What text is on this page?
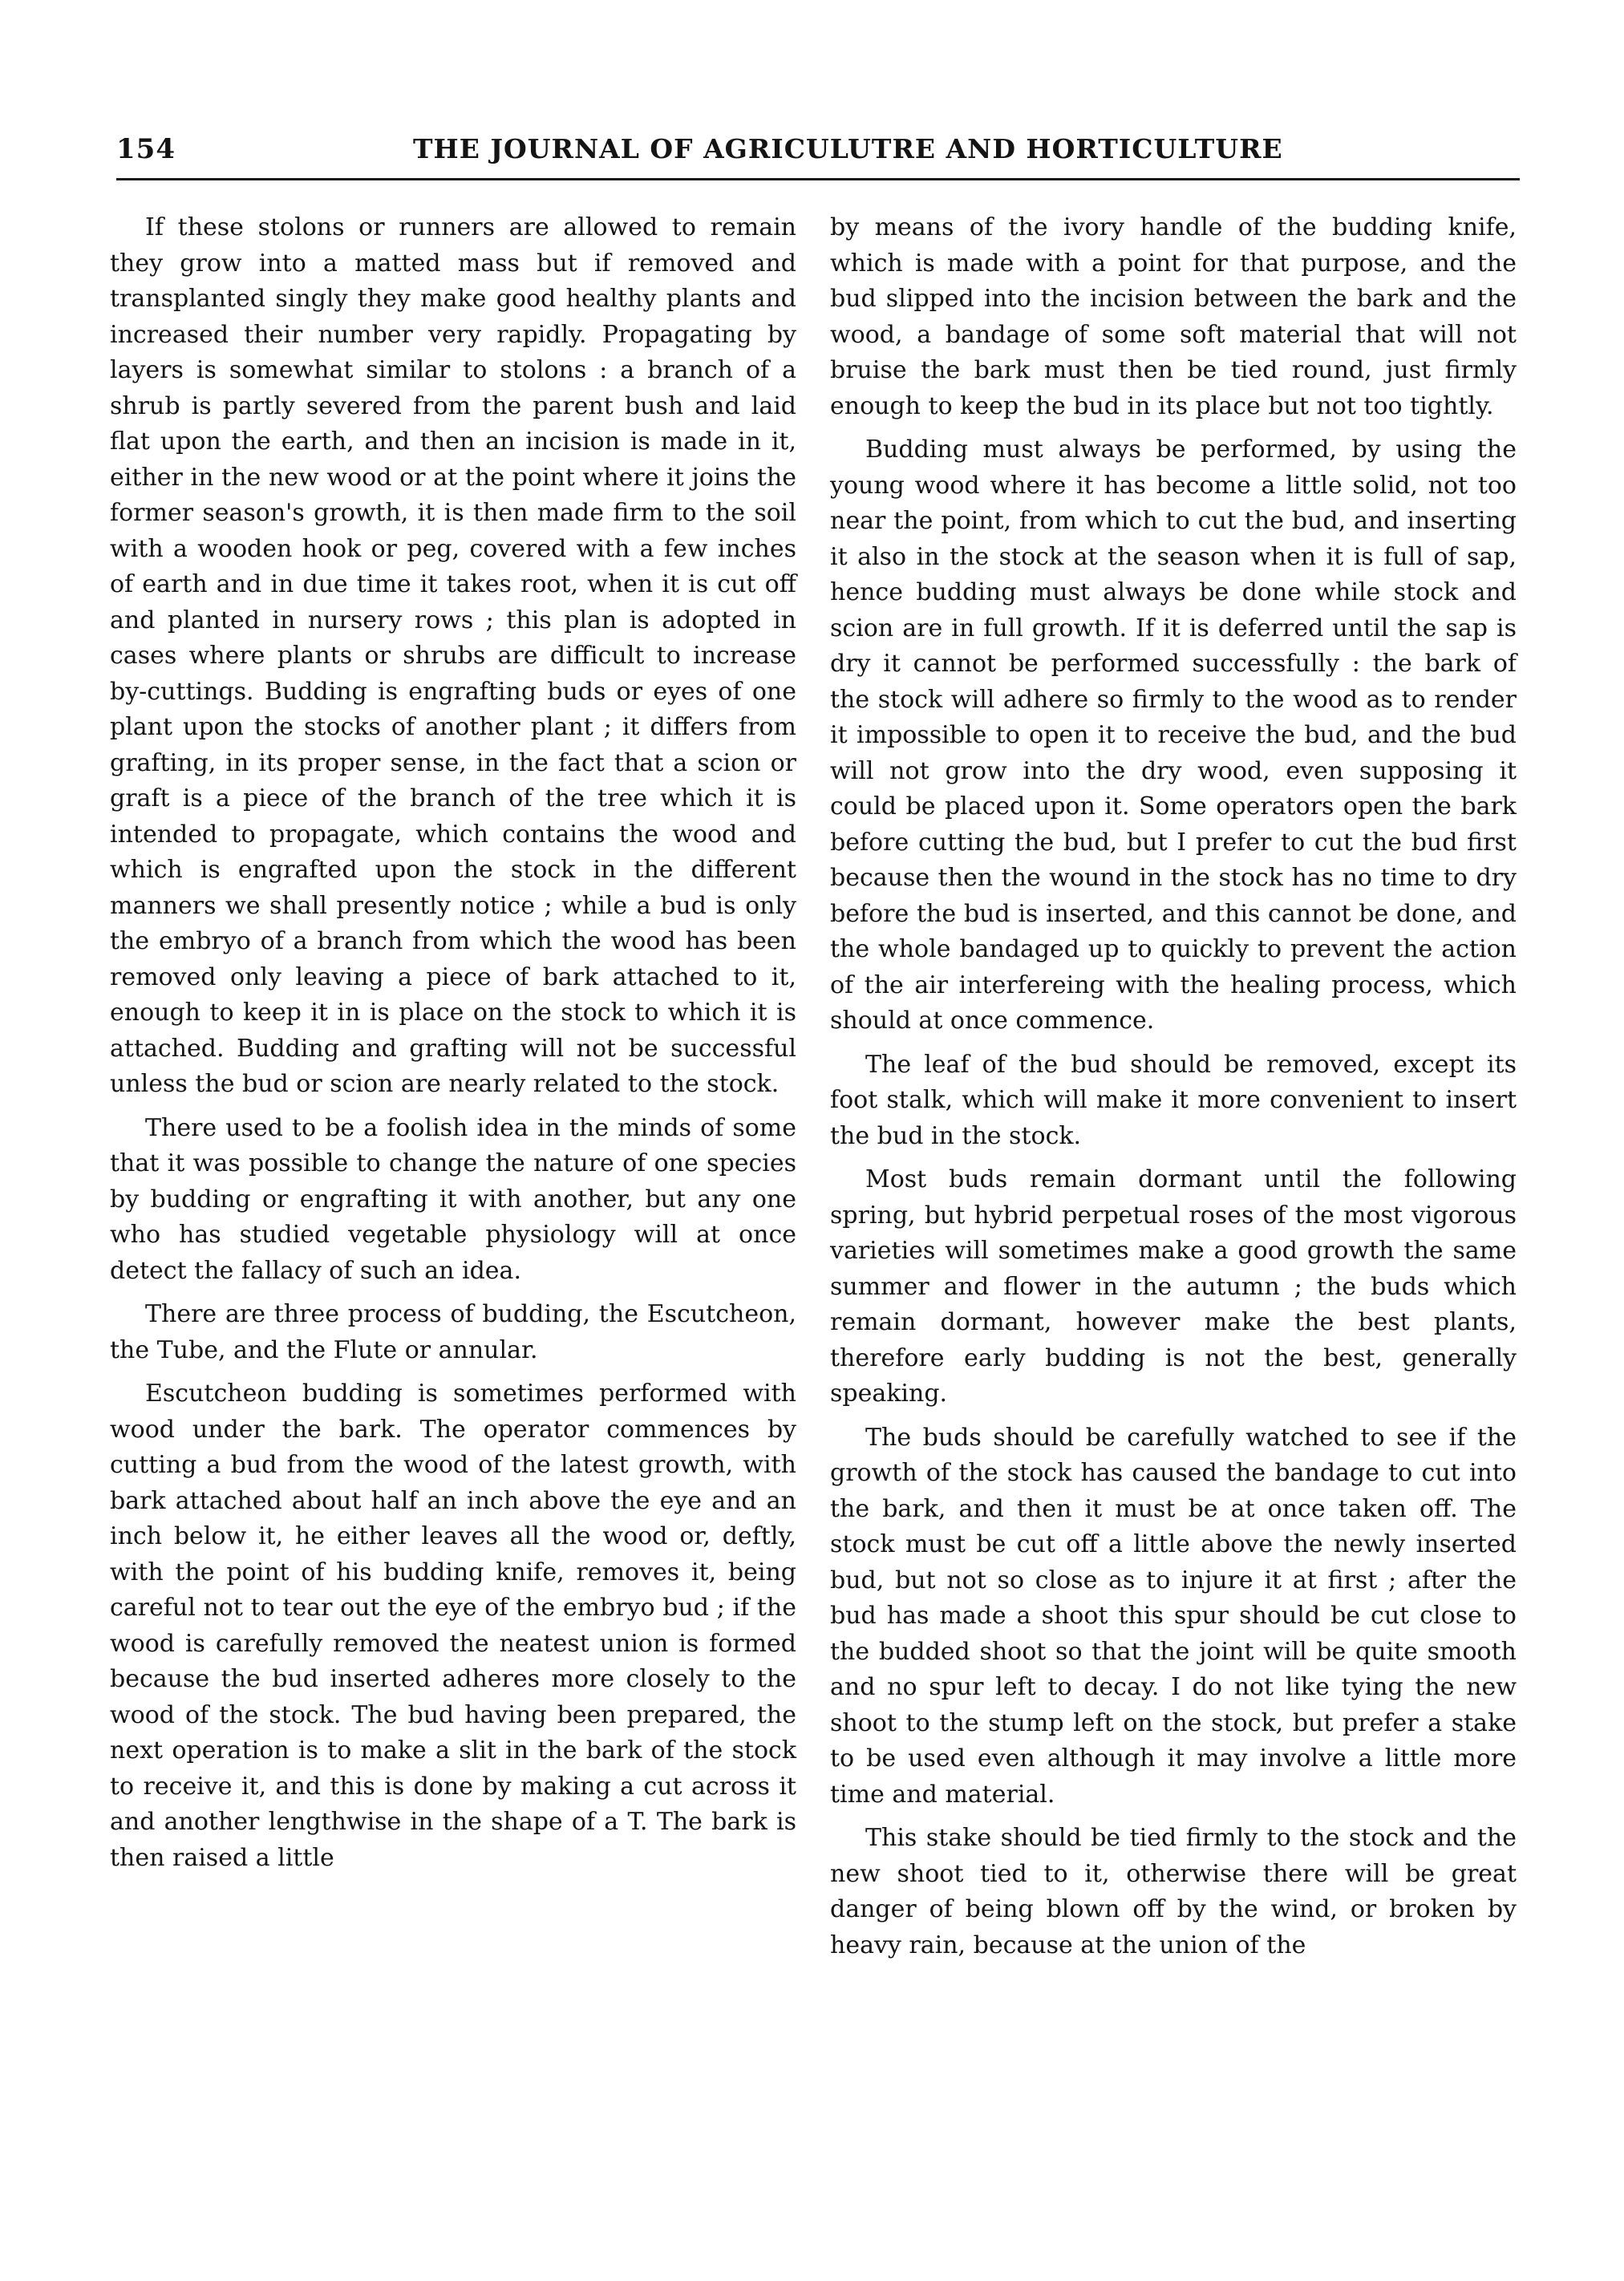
154	THE JOURNAL OF AGRICULUTRE AND HORTICULTURE

If these stolons or runners are allowed to remain they grow into a matted mass but if removed and transplanted singly they make good healthy plants and increased their number very rapidly. Propagating by layers is somewhat similar to stolons : a branch of a shrub is partly severed from the parent bush and laid flat upon the earth, and then an incision is made in it, either in the new wood or at the point where it joins the former season's growth, it is then made firm to the soil with a wooden hook or peg, covered with a few inches of earth and in due time it takes root, when it is cut off and planted in nursery rows ; this plan is adopted in cases where plants or shrubs are difficult to increase by-cuttings. Budding is engrafting buds or eyes of one plant upon the stocks of another plant ; it differs from grafting, in its proper sense, in the fact that a scion or graft is a piece of the branch of the tree which it is intended to propagate, which contains the wood and which is engrafted upon the stock in the different manners we shall presently notice ; while a bud is only the embryo of a branch from which the wood has been removed only leaving a piece of bark attached to it, enough to keep it in is place on the stock to which it is attached. Budding and grafting will not be successful unless the bud or scion are nearly related to the stock.

There used to be a foolish idea in the minds of some that it was possible to change the nature of one species by budding or engrafting it with another, but any one who has studied vegetable physiology will at once detect the fallacy of such an idea.

There are three process of budding, the Escutcheon, the Tube, and the Flute or annular.

Escutcheon budding is sometimes performed with wood under the bark. The operator commences by cutting a bud from the wood of the latest growth, with bark attached about half an inch above the eye and an inch below it, he either leaves all the wood or, deftly, with the point of his budding knife, removes it, being careful not to tear out the eye of the embryo bud ; if the wood is carefully removed the neatest union is formed because the bud inserted adheres more closely to the wood of the stock. The bud having been prepared, the next operation is to make a slit in the bark of the stock to receive it, and this is done by making a cut across it and another lengthwise in the shape of a T. The bark is then raised a little

by means of the ivory handle of the budding knife, which is made with a point for that purpose, and the bud slipped into the incision between the bark and the wood, a bandage of some soft material that will not bruise the bark must then be tied round, just firmly enough to keep the bud in its place but not too tightly.

Budding must always be performed, by using the young wood where it has become a little solid, not too near the point, from which to cut the bud, and inserting it also in the stock at the season when it is full of sap, hence budding must always be done while stock and scion are in full growth. If it is deferred until the sap is dry it cannot be performed successfully : the bark of the stock will adhere so firmly to the wood as to render it impossible to open it to receive the bud, and the bud will not grow into the dry wood, even supposing it could be placed upon it. Some operators open the bark before cutting the bud, but I prefer to cut the bud first because then the wound in the stock has no time to dry before the bud is inserted, and this cannot be done, and the whole bandaged up to quickly to prevent the action of the air interfereing with the healing process, which should at once commence.

The leaf of the bud should be removed, except its foot stalk, which will make it more convenient to insert the bud in the stock.

Most buds remain dormant until the following spring, but hybrid perpetual roses of the most vigorous varieties will sometimes make a good growth the same summer and flower in the autumn ; the buds which remain dormant, however make the best plants, therefore early budding is not the best, generally speaking.

The buds should be carefully watched to see if the growth of the stock has caused the bandage to cut into the bark, and then it must be at once taken off. The stock must be cut off a little above the newly inserted bud, but not so close as to injure it at first ; after the bud has made a shoot this spur should be cut close to the budded shoot so that the joint will be quite smooth and no spur left to decay. I do not like tying the new shoot to the stump left on the stock, but prefer a stake to be used even although it may involve a little more time and material.

This stake should be tied firmly to the stock and the new shoot tied to it, otherwise there will be great danger of being blown off by the wind, or broken by heavy rain, because at the union of the
